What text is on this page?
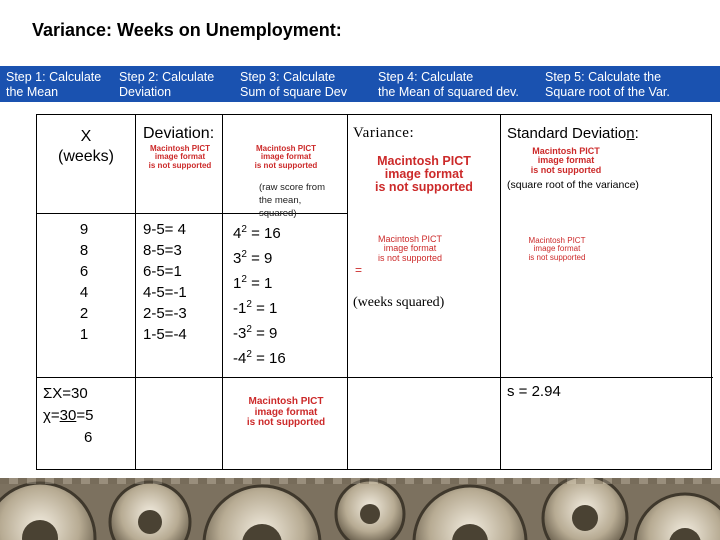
Variance: Weeks on Unemployment:
Step 1: Calculate
the Mean
Step 2: Calculate
Deviation
Step 3: Calculate
Sum of square Dev
Step 4: Calculate
the Mean of squared dev.
Step 5: Calculate the
Square root of the Var.
Χ
(weeks)
9
8
6
4
2
1
ΣΧ=30
χ=30=5
6
Deviation:
Macintosh PICT
image format
is not supported
9-5= 4
8-5=3
6-5=1
4-5=-1
2-5=-3
1-5=-4
Macintosh PICT
image format
is not supported
(raw score from the mean, squared)
$4^2 = 16$
$3^2 = 9$
$1^2 = 1$
$-1^2 = 1$
$-3^2 = 9$
$-4^2 = 16$
Macintosh PICT
image format
is not supported
Variance:
Macintosh PICT
image format
is not supported
Macintosh PICT
image format
is not supported
=
(weeks squared)
Standard Deviation:
Macintosh PICT
image format
is not supported
(square root of the variance)
Macintosh PICT
image format
is not supported
s = 2.94
